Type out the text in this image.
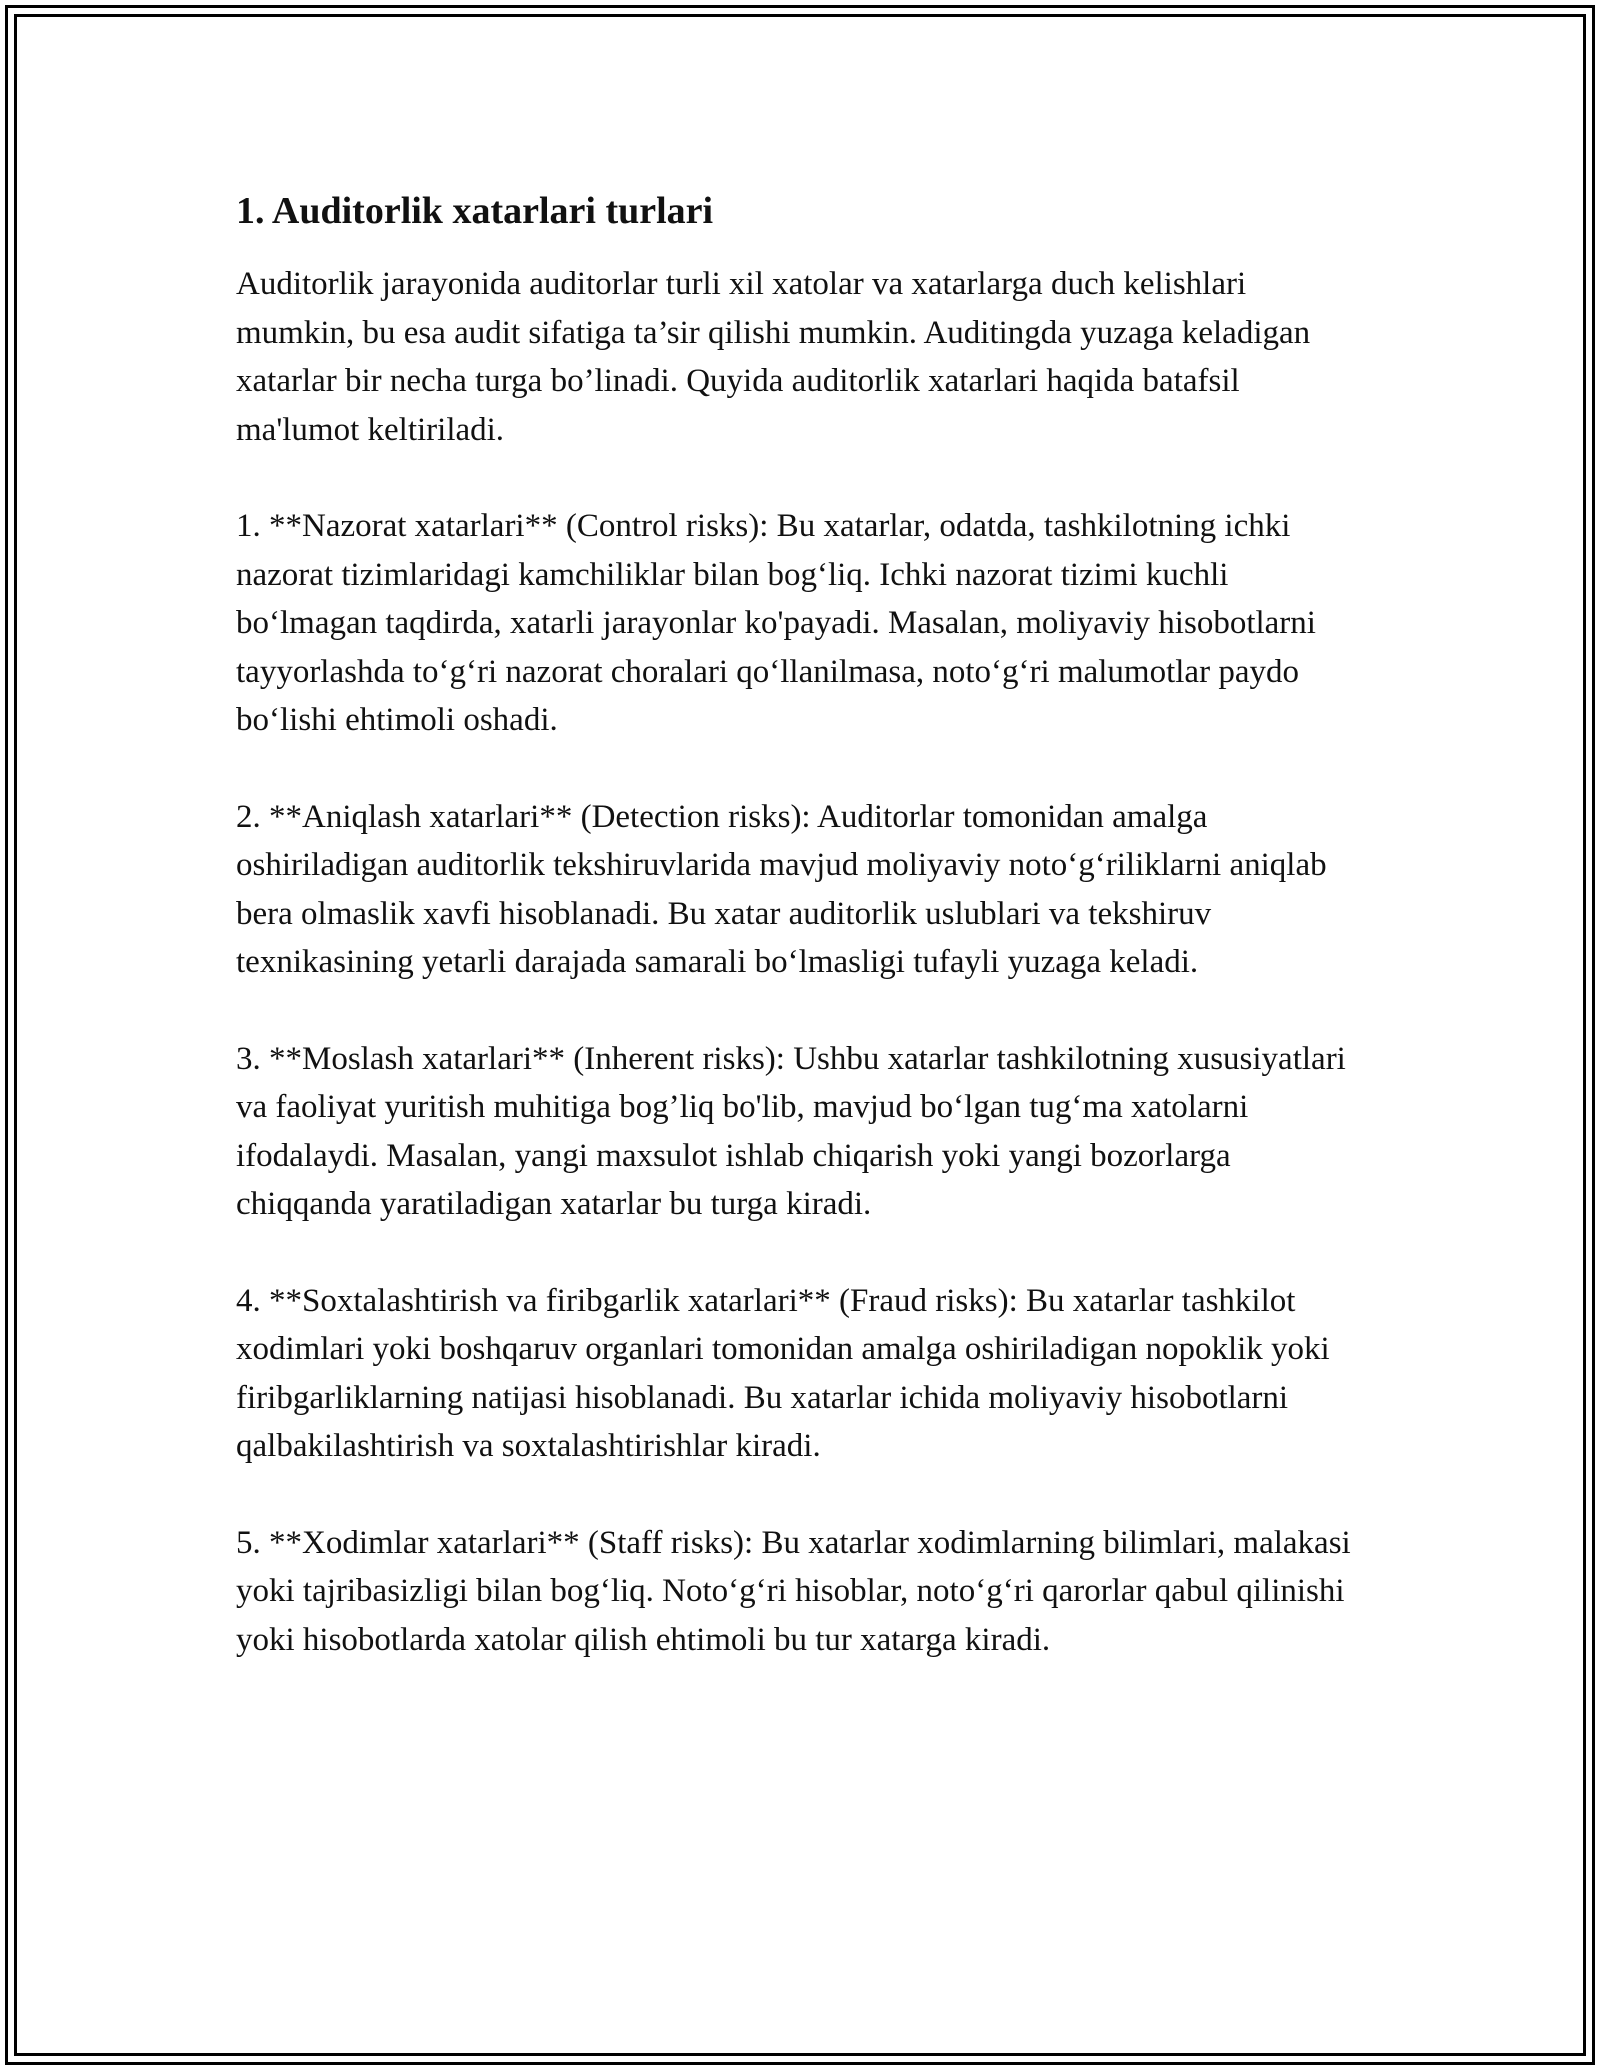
1. Auditorlik xatarlari turlari

Auditorlik jarayonida auditorlar turli xil xatolar va xatarlarga duch kelishlari mumkin, bu esa audit sifatiga ta’sir qilishi mumkin. Auditingda yuzaga keladigan xatarlar bir necha turga bo’linadi. Quyida auditorlik xatarlari haqida batafsil ma'lumot keltiriladi.

1. **Nazorat xatarlari** (Control risks): Bu xatarlar, odatda, tashkilotning ichki nazorat tizimlaridagi kamchiliklar bilan bog‘liq. Ichki nazorat tizimi kuchli bo‘lmagan taqdirda, xatarli jarayonlar ko'payadi. Masalan, moliyaviy hisobotlarni tayyorlashda to‘g‘ri nazorat choralari qo‘llanilmasa, noto‘g‘ri malumotlar paydo bo‘lishi ehtimoli oshadi.

2. **Aniqlash xatarlari** (Detection risks): Auditorlar tomonidan amalga oshiriladigan auditorlik tekshiruvlarida mavjud moliyaviy noto‘g‘riliklarni aniqlab bera olmaslik xavfi hisoblanadi. Bu xatar auditorlik uslublari va tekshiruv texnikasining yetarli darajada samarali bo‘lmasligi tufayli yuzaga keladi.

3. **Moslash xatarlari** (Inherent risks): Ushbu xatarlar tashkilotning xususiyatlari va faoliyat yuritish muhitiga bog’liq bo'lib, mavjud bo‘lgan tug‘ma xatolarni ifodalaydi. Masalan, yangi maxsulot ishlab chiqarish yoki yangi bozorlarga chiqqanda yaratiladigan xatarlar bu turga kiradi.

4. **Soxtalashtirish va firibgarlik xatarlari** (Fraud risks): Bu xatarlar tashkilot xodimlari yoki boshqaruv organlari tomonidan amalga oshiriladigan nopoklik yoki firibgarliklarning natijasi hisoblanadi. Bu xatarlar ichida moliyaviy hisobotlarni qalbakilashtirish va soxtalashtirishlar kiradi.

5. **Xodimlar xatarlari** (Staff risks): Bu xatarlar xodimlarning bilimlari, malakasi yoki tajribasizligi bilan bog‘liq. Noto‘g‘ri hisoblar, noto‘g‘ri qarorlar qabul qilinishi yoki hisobotlarda xatolar qilish ehtimoli bu tur xatarga kiradi.
